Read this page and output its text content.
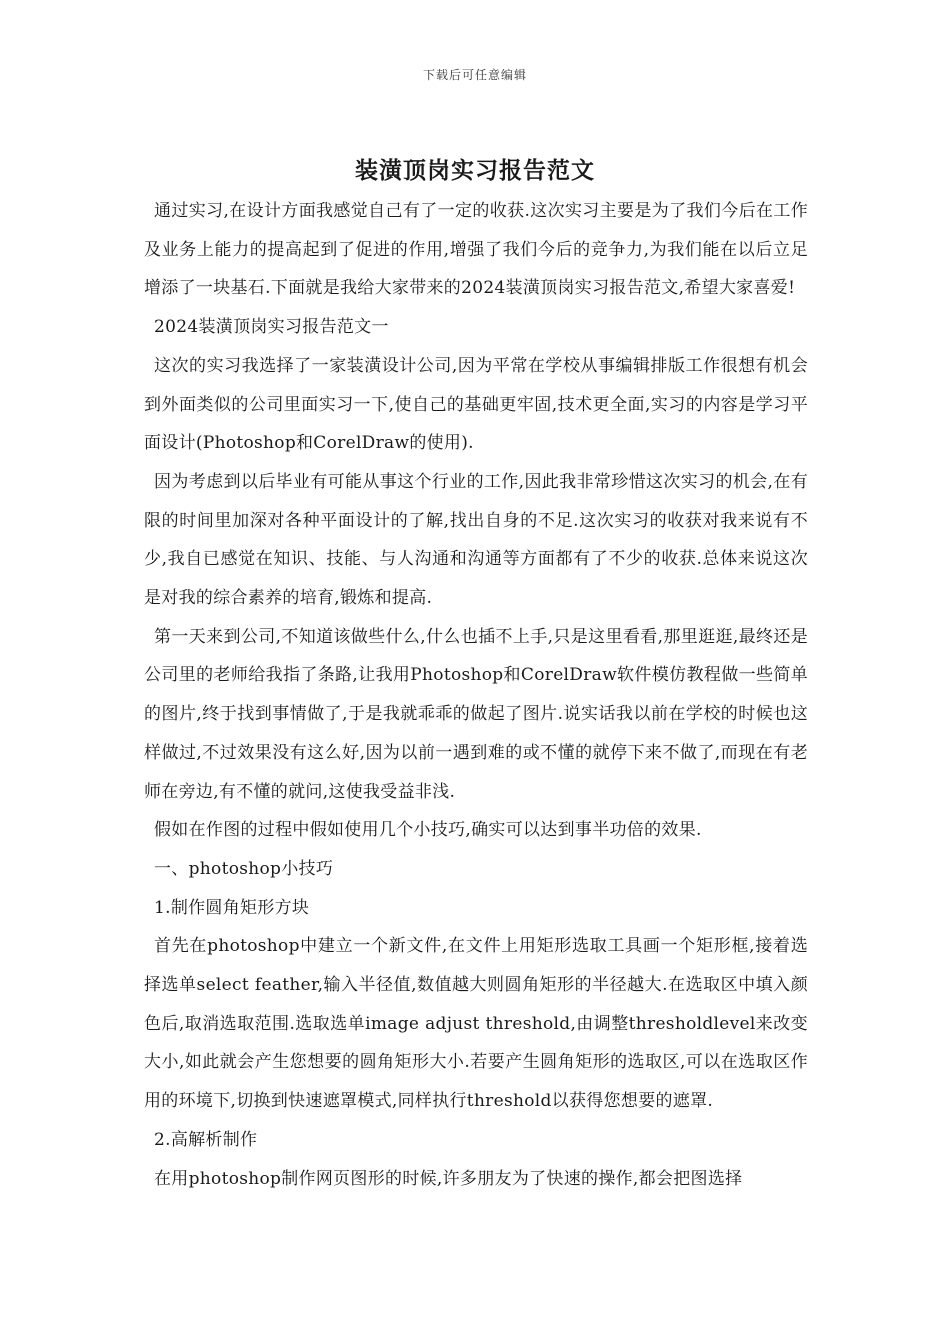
下载后可任意编辑
装潢顶岗实习报告范文

通过实习,在设计方面我感觉自己有了一定的收获.这次实习主要是为了我们今后在工作及业务上能力的提高起到了促进的作用,增强了我们今后的竞争力,为我们能在以后立足增添了一块基石.下面就是我给大家带来的2024装潢顶岗实习报告范文,希望大家喜爱!

2024装潢顶岗实习报告范文一

这次的实习我选择了一家装潢设计公司,因为平常在学校从事编辑排版工作很想有机会到外面类似的公司里面实习一下,使自己的基础更牢固,技术更全面,实习的内容是学习平面设计(Photoshop和CorelDraw的使用).

因为考虑到以后毕业有可能从事这个行业的工作,因此我非常珍惜这次实习的机会,在有限的时间里加深对各种平面设计的了解,找出自身的不足.这次实习的收获对我来说有不少,我自已感觉在知识、技能、与人沟通和沟通等方面都有了不少的收获.总体来说这次是对我的综合素养的培育,锻炼和提高.

第一天来到公司,不知道该做些什么,什么也插不上手,只是这里看看,那里逛逛,最终还是公司里的老师给我指了条路,让我用Photoshop和CorelDraw软件模仿教程做一些简单的图片,终于找到事情做了,于是我就乖乖的做起了图片.说实话我以前在学校的时候也这样做过,不过效果没有这么好,因为以前一遇到难的或不懂的就停下来不做了,而现在有老师在旁边,有不懂的就问,这使我受益非浅.

假如在作图的过程中假如使用几个小技巧,确实可以达到事半功倍的效果.

一、photoshop小技巧

1.制作圆角矩形方块

首先在photoshop中建立一个新文件,在文件上用矩形选取工具画一个矩形框,接着选择选单select feather,输入半径值,数值越大则圆角矩形的半径越大.在选取区中填入颜色后,取消选取范围.选取选单image adjust threshold,由调整thresholdlevel来改变大小,如此就会产生您想要的圆角矩形大小.若要产生圆角矩形的选取区,可以在选取区作用的环境下,切换到快速遮罩模式,同样执行threshold以获得您想要的遮罩.

2.高解析制作

在用photoshop制作网页图形的时候,许多朋友为了快速的操作,都会把图选择
